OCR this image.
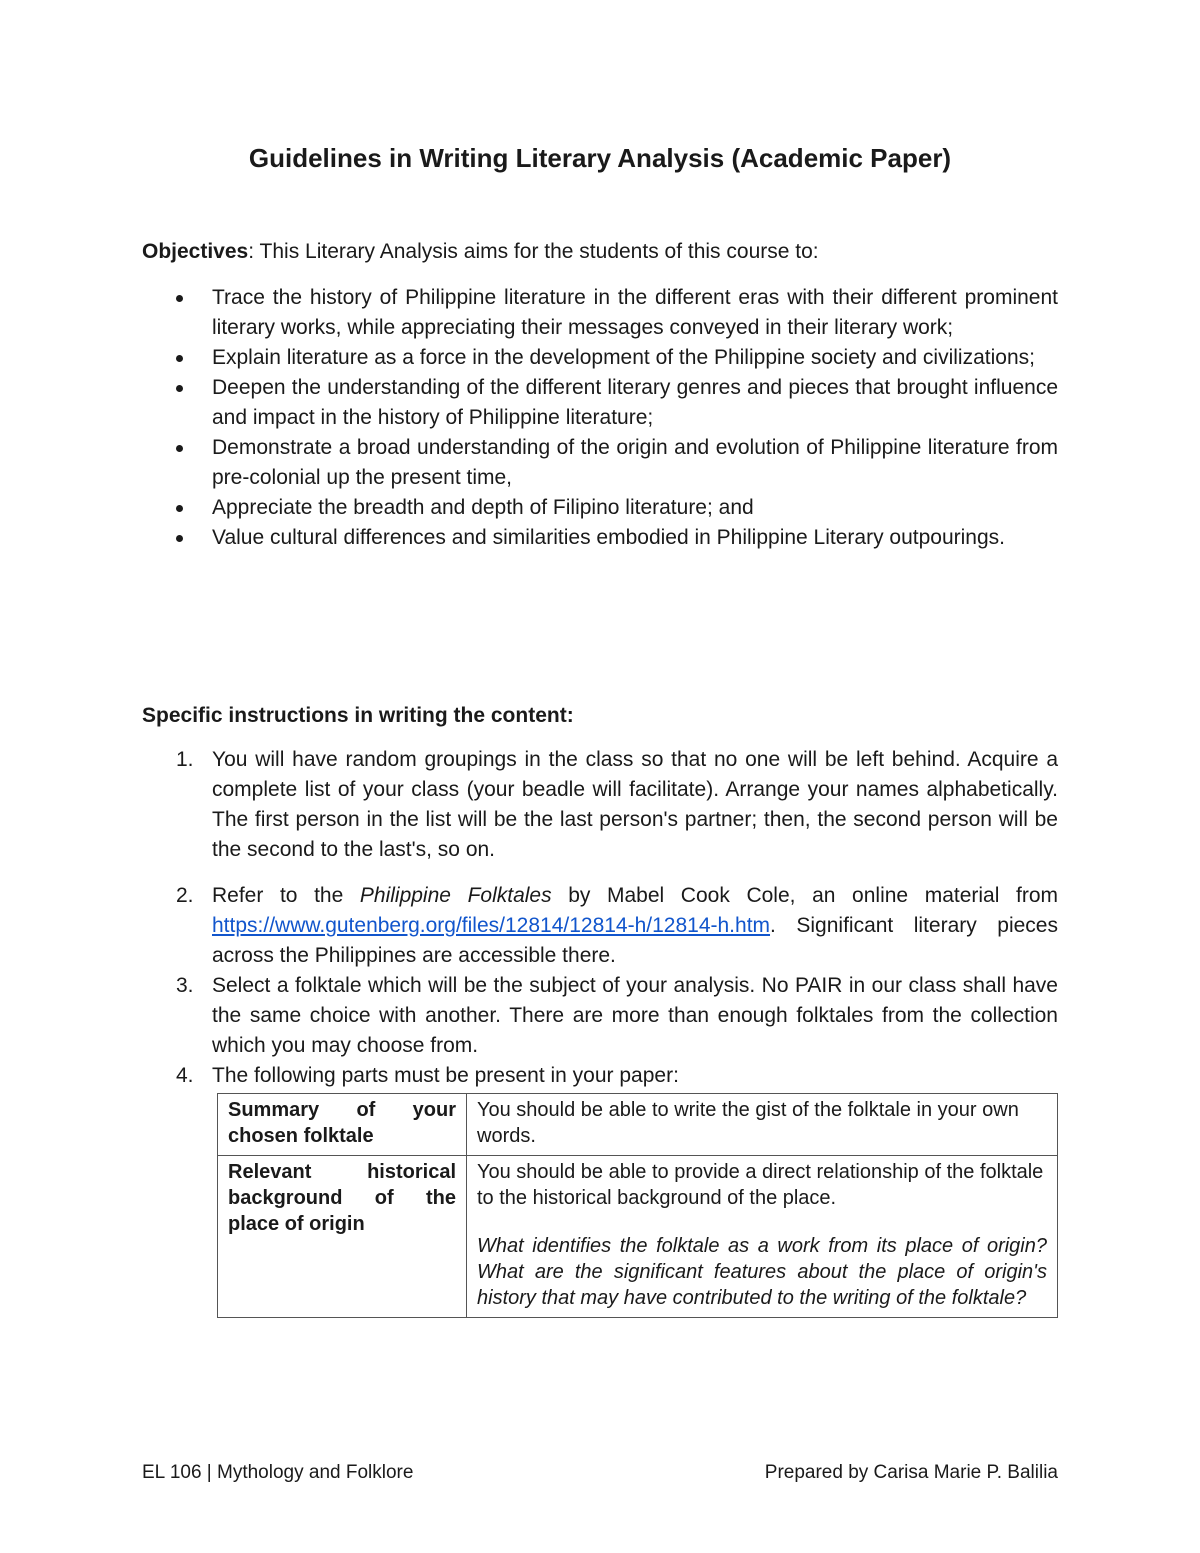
Guidelines in Writing Literary Analysis (Academic Paper)
Objectives: This Literary Analysis aims for the students of this course to:
Trace the history of Philippine literature in the different eras with their different prominent literary works, while appreciating their messages conveyed in their literary work;
Explain literature as a force in the development of the Philippine society and civilizations;
Deepen the understanding of the different literary genres and pieces that brought influence and impact in the history of Philippine literature;
Demonstrate a broad understanding of the origin and evolution of Philippine literature from pre-colonial up the present time,
Appreciate the breadth and depth of Filipino literature; and
Value cultural differences and similarities embodied in Philippine Literary outpourings.
Specific instructions in writing the content:
1. You will have random groupings in the class so that no one will be left behind. Acquire a complete list of your class (your beadle will facilitate). Arrange your names alphabetically. The first person in the list will be the last person's partner; then, the second person will be the second to the last's, so on.
2. Refer to the Philippine Folktales by Mabel Cook Cole, an online material from https://www.gutenberg.org/files/12814/12814-h/12814-h.htm. Significant literary pieces across the Philippines are accessible there.
3. Select a folktale which will be the subject of your analysis. No PAIR in our class shall have the same choice with another. There are more than enough folktales from the collection which you may choose from.
4. The following parts must be present in your paper:
Summary of your chosen folktale	You should be able to write the gist of the folktale in your own words.

Relevant historical background of the place of origin	You should be able to provide a direct relationship of the folktale to the historical background of the place.
What identifies the folktale as a work from its place of origin? What are the significant features about the place of origin's history that may have contributed to the writing of the folktale?
EL 106 | Mythology and Folklore	Prepared by Carisa Marie P. Balilia
